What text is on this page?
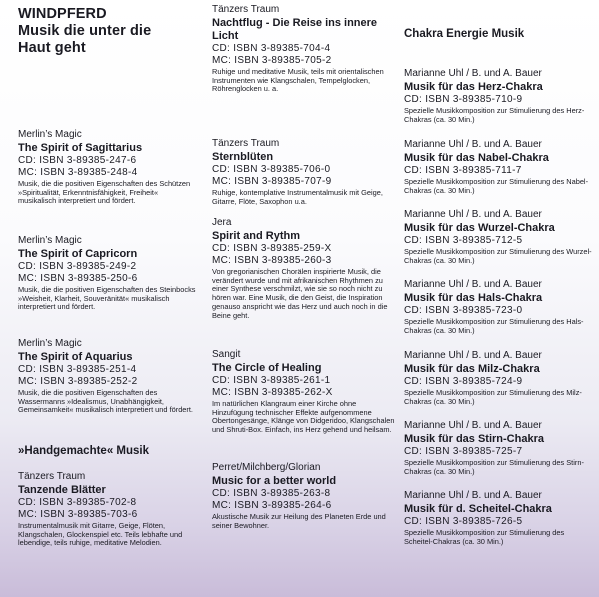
WINDPFERD
Musik die unter die
Haut geht
Merlin’s Magic
The Spirit of Sagittarius
CD: ISBN 3-89385-247-6
MC: ISBN 3-89385-248-4
Musik, die die positiven Eigenschaften des Schützen »Spiritualität, Erkenntnisfähigkeit, Freiheit« musikalisch interpretiert und fördert.
Merlin’s Magic
The Spirit of Capricorn
CD: ISBN 3-89385-249-2
MC: ISBN 3-89385-250-6
Musik, die die positiven Eigenschaften des Steinbocks »Weisheit, Klarheit, Souveränität« musikalisch interpretiert und fördert.
Merlin’s Magic
The Spirit of Aquarius
CD: ISBN 3-89385-251-4
MC: ISBN 3-89385-252-2
Musik, die die positiven Eigenschaften des Wassermanns »Idealismus, Unabhängigkeit, Gemeinsamkeit« musikalisch interpretiert und fördert.
»Handgemachte« Musik
Tänzers Traum
Tanzende Blätter
CD: ISBN 3-89385-702-8
MC: ISBN 3-89385-703-6
Instrumentalmusik mit Gitarre, Geige, Flöten, Klangschalen, Glockenspiel etc. Teils lebhafte und lebendige, teils ruhige, meditative Melodien.
Tänzers Traum
Nachtflug - Die Reise ins innere Licht
CD: ISBN 3-89385-704-4
MC: ISBN 3-89385-705-2
Ruhige und meditative Musik, teils mit orientalischen Instrumenten wie Klangschalen, Tempelglocken, Röhrenglocken u. a.
Tänzers Traum
Sternblüten
CD: ISBN 3-89385-706-0
MC: ISBN 3-89385-707-9
Ruhige, kontemplative Instrumentalmusik mit Geige, Gitarre, Flöte, Saxophon u.a.
Jera
Spirit and Rythm
CD: ISBN 3-89385-259-X
MC: ISBN 3-89385-260-3
Von gregorianischen Chorälen inspirierte Musik, die verändert wurde und mit afrikanischen Rhythmen zu einer Synthese verschmilzt, wie sie so noch nicht zu hören war. Eine Musik, die den Geist, die Inspiration genauso anspricht wie das Herz und auch noch in die Beine geht.
Sangit
The Circle of Healing
CD: ISBN 3-89385-261-1
MC: ISBN 3-89385-262-X
Im natürlichen Klangraum einer Kirche ohne Hinzufügung technischer Effekte aufgenommene Obertongesänge, Klänge von Didgeridoo, Klangschalen und Shruti-Box. Einfach, ins Herz gehend und heilsam.
Perret/Milchberg/Glorian
Music for a better world
CD: ISBN 3-89385-263-8
MC: ISBN 3-89385-264-6
Akustische Musik zur Heilung des Planeten Erde und seiner Bewohner.
Chakra Energie Musik
Marianne Uhl / B. und A. Bauer
Musik für das Herz-Chakra
CD: ISBN 3-89385-710-9
Spezielle Musikkomposition zur Stimulierung des Herz-Chakras (ca. 30 Min.)
Marianne Uhl / B. und A. Bauer
Musik für das Nabel-Chakra
CD: ISBN 3-89385-711-7
Spezielle Musikkomposition zur Stimulierung des Nabel-Chakras (ca. 30 Min.)
Marianne Uhl / B. und A. Bauer
Musik für das Wurzel-Chakra
CD: ISBN 3-89385-712-5
Spezielle Musikkomposition zur Stimulierung des Wurzel-Chakras (ca. 30 Min.)
Marianne Uhl / B. und A. Bauer
Musik für das Hals-Chakra
CD: ISBN 3-89385-723-0
Spezielle Musikkomposition zur Stimulierung des Hals-Chakras (ca. 30 Min.)
Marianne Uhl / B. und A. Bauer
Musik für das Milz-Chakra
CD: ISBN 3-89385-724-9
Spezielle Musikkomposition zur Stimulierung des Milz-Chakras (ca. 30 Min.)
Marianne Uhl / B. und A. Bauer
Musik für das Stirn-Chakra
CD: ISBN 3-89385-725-7
Spezielle Musikkomposition zur Stimulierung des Stirn-Chakras (ca. 30 Min.)
Marianne Uhl / B. und A. Bauer
Musik für d. Scheitel-Chakra
CD: ISBN 3-89385-726-5
Spezielle Musikkomposition zur Stimulierung des Scheitel-Chakras (ca. 30 Min.)
